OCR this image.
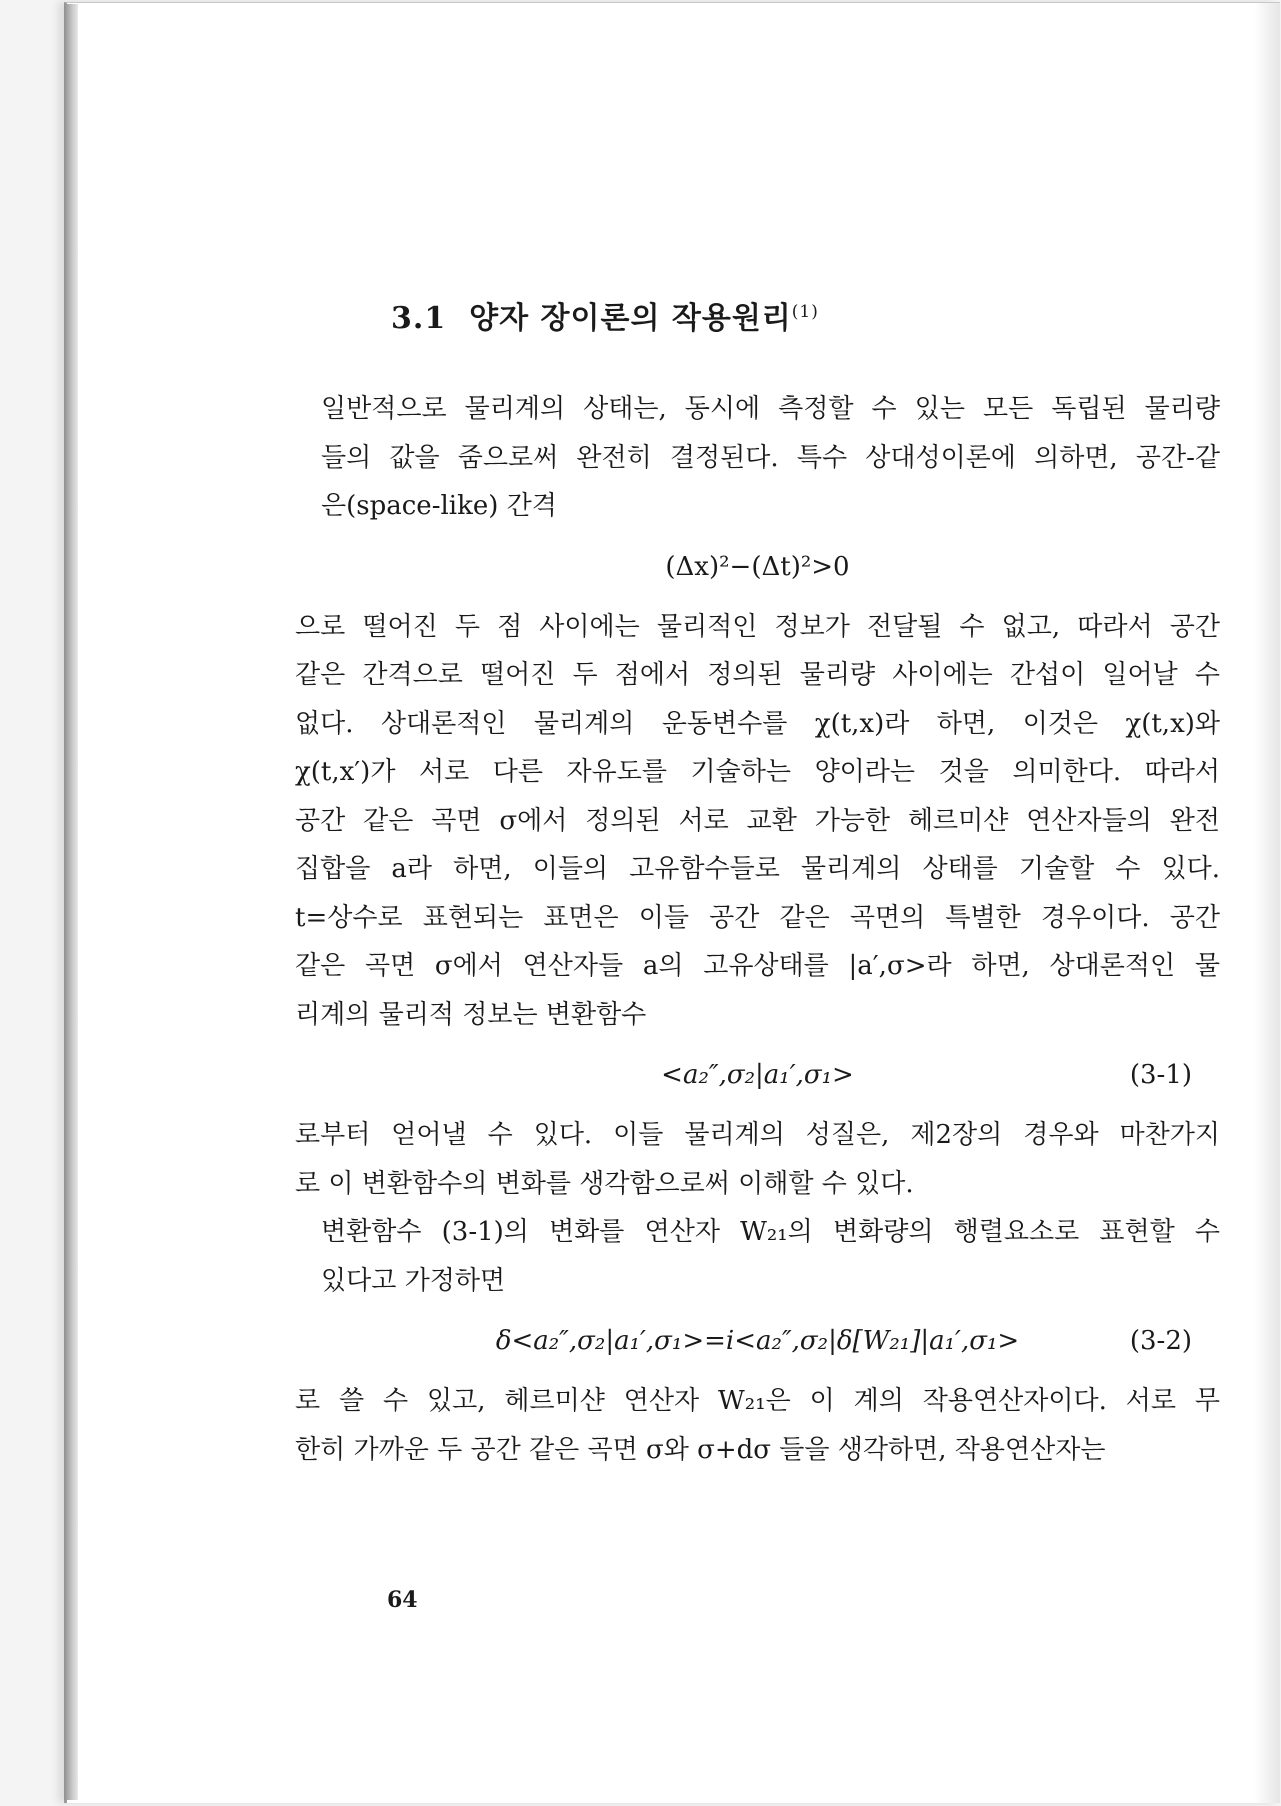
3.1 양자 장이론의 작용원리$^{(1)}$

일반적으로 물리계의 상태는, 동시에 측정할 수 있는 모든 독립된 물리량
들의 값을 줌으로써 완전히 결정된다. 특수 상대성이론에 의하면, 공간-같
은(space-like) 간격

(Δx)²−(Δt)²>0

으로 떨어진 두 점 사이에는 물리적인 정보가 전달될 수 없고, 따라서 공간
같은 간격으로 떨어진 두 점에서 정의된 물리량 사이에는 간섭이 일어날 수
없다. 상대론적인 물리계의 운동변수를 χ(t,x)라 하면, 이것은 χ(t,x)와
χ(t,x′)가 서로 다른 자유도를 기술하는 양이라는 것을 의미한다. 따라서
공간 같은 곡면 σ에서 정의된 서로 교환 가능한 헤르미샨 연산자들의 완전
집합을 a라 하면, 이들의 고유함수들로 물리계의 상태를 기술할 수 있다.
t=상수로 표현되는 표면은 이들 공간 같은 곡면의 특별한 경우이다. 공간
같은 곡면 σ에서 연산자들 a의 고유상태를 |a′,σ>라 하면, 상대론적인 물
리계의 물리적 정보는 변환함수

<a₂″,σ₂|a₁′,σ₁>	(3-1)

로부터 얻어낼 수 있다. 이들 물리계의 성질은, 제2장의 경우와 마찬가지
로 이 변환함수의 변화를 생각함으로써 이해할 수 있다.

변환함수 (3-1)의 변화를 연산자 W₂₁의 변화량의 행렬요소로 표현할 수
있다고 가정하면

δ<a₂″,σ₂|a₁′,σ₁>=i<a₂″,σ₂|δ[W₂₁]|a₁′,σ₁>	(3-2)

로 쓸 수 있고, 헤르미샨 연산자 W₂₁은 이 계의 작용연산자이다. 서로 무
한히 가까운 두 공간 같은 곡면 σ와 σ+dσ 들을 생각하면, 작용연산자는

64
